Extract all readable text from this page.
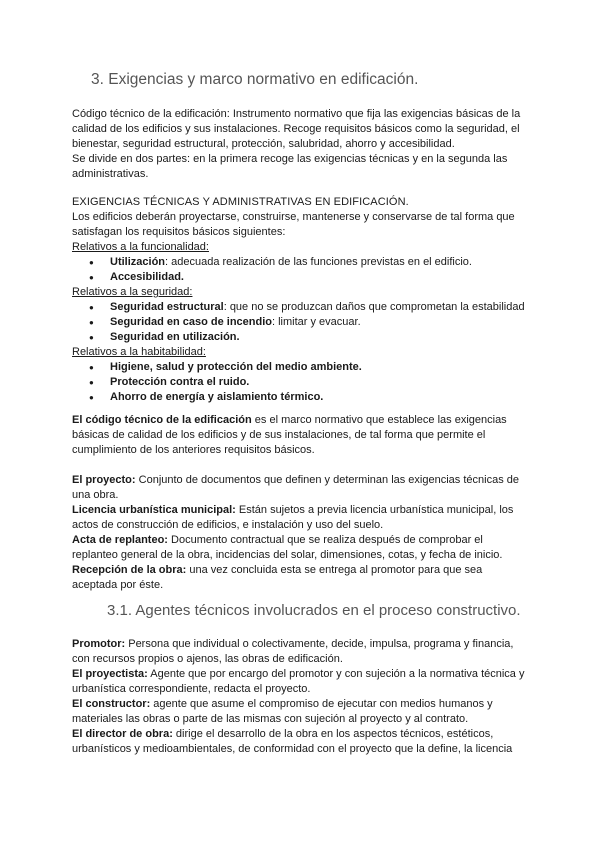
3. Exigencias y marco normativo en edificación.

Código técnico de la edificación: Instrumento normativo que fija las exigencias básicas de la calidad de los edificios y sus instalaciones. Recoge requisitos básicos como la seguridad, el bienestar, seguridad estructural, protección, salubridad, ahorro y accesibilidad.

Se divide en dos partes: en la primera recoge las exigencias técnicas y en la segunda las administrativas.

EXIGENCIAS TÉCNICAS Y ADMINISTRATIVAS EN EDIFICACIÓN.

Los edificios deberán proyectarse, construirse, mantenerse y conservarse de tal forma que satisfagan los requisitos básicos siguientes:

Relativos a la funcionalidad:

● Utilización: adecuada realización de las funciones previstas en el edificio.
● Accesibilidad.

Relativos a la seguridad:

● Seguridad estructural: que no se produzcan daños que comprometan la estabilidad
● Seguridad en caso de incendio: limitar y evacuar.
● Seguridad en utilización.

Relativos a la habitabilidad:

● Higiene, salud y protección del medio ambiente.
● Protección contra el ruido.
● Ahorro de energía y aislamiento térmico.

El código técnico de la edificación es el marco normativo que establece las exigencias básicas de calidad de los edificios y de sus instalaciones, de tal forma que permite el cumplimiento de los anteriores requisitos básicos.

El proyecto: Conjunto de documentos que definen y determinan las exigencias técnicas de una obra.

Licencia urbanística municipal: Están sujetos a previa licencia urbanística municipal, los actos de construcción de edificios, e instalación y uso del suelo.

Acta de replanteo: Documento contractual que se realiza después de comprobar el replanteo general de la obra, incidencias del solar, dimensiones, cotas, y fecha de inicio.

Recepción de la obra: una vez concluida esta se entrega al promotor para que sea aceptada por éste.

3.1. Agentes técnicos involucrados en el proceso constructivo.

Promotor: Persona que individual o colectivamente, decide, impulsa, programa y financia, con recursos propios o ajenos, las obras de edificación.

El proyectista: Agente que por encargo del promotor y con sujeción a la normativa técnica y urbanística correspondiente, redacta el proyecto.

El constructor: agente que asume el compromiso de ejecutar con medios humanos y materiales las obras o parte de las mismas con sujeción al proyecto y al contrato.

El director de obra: dirige el desarrollo de la obra en los aspectos técnicos, estéticos, urbanísticos y medioambientales, de conformidad con el proyecto que la define, la licencia
